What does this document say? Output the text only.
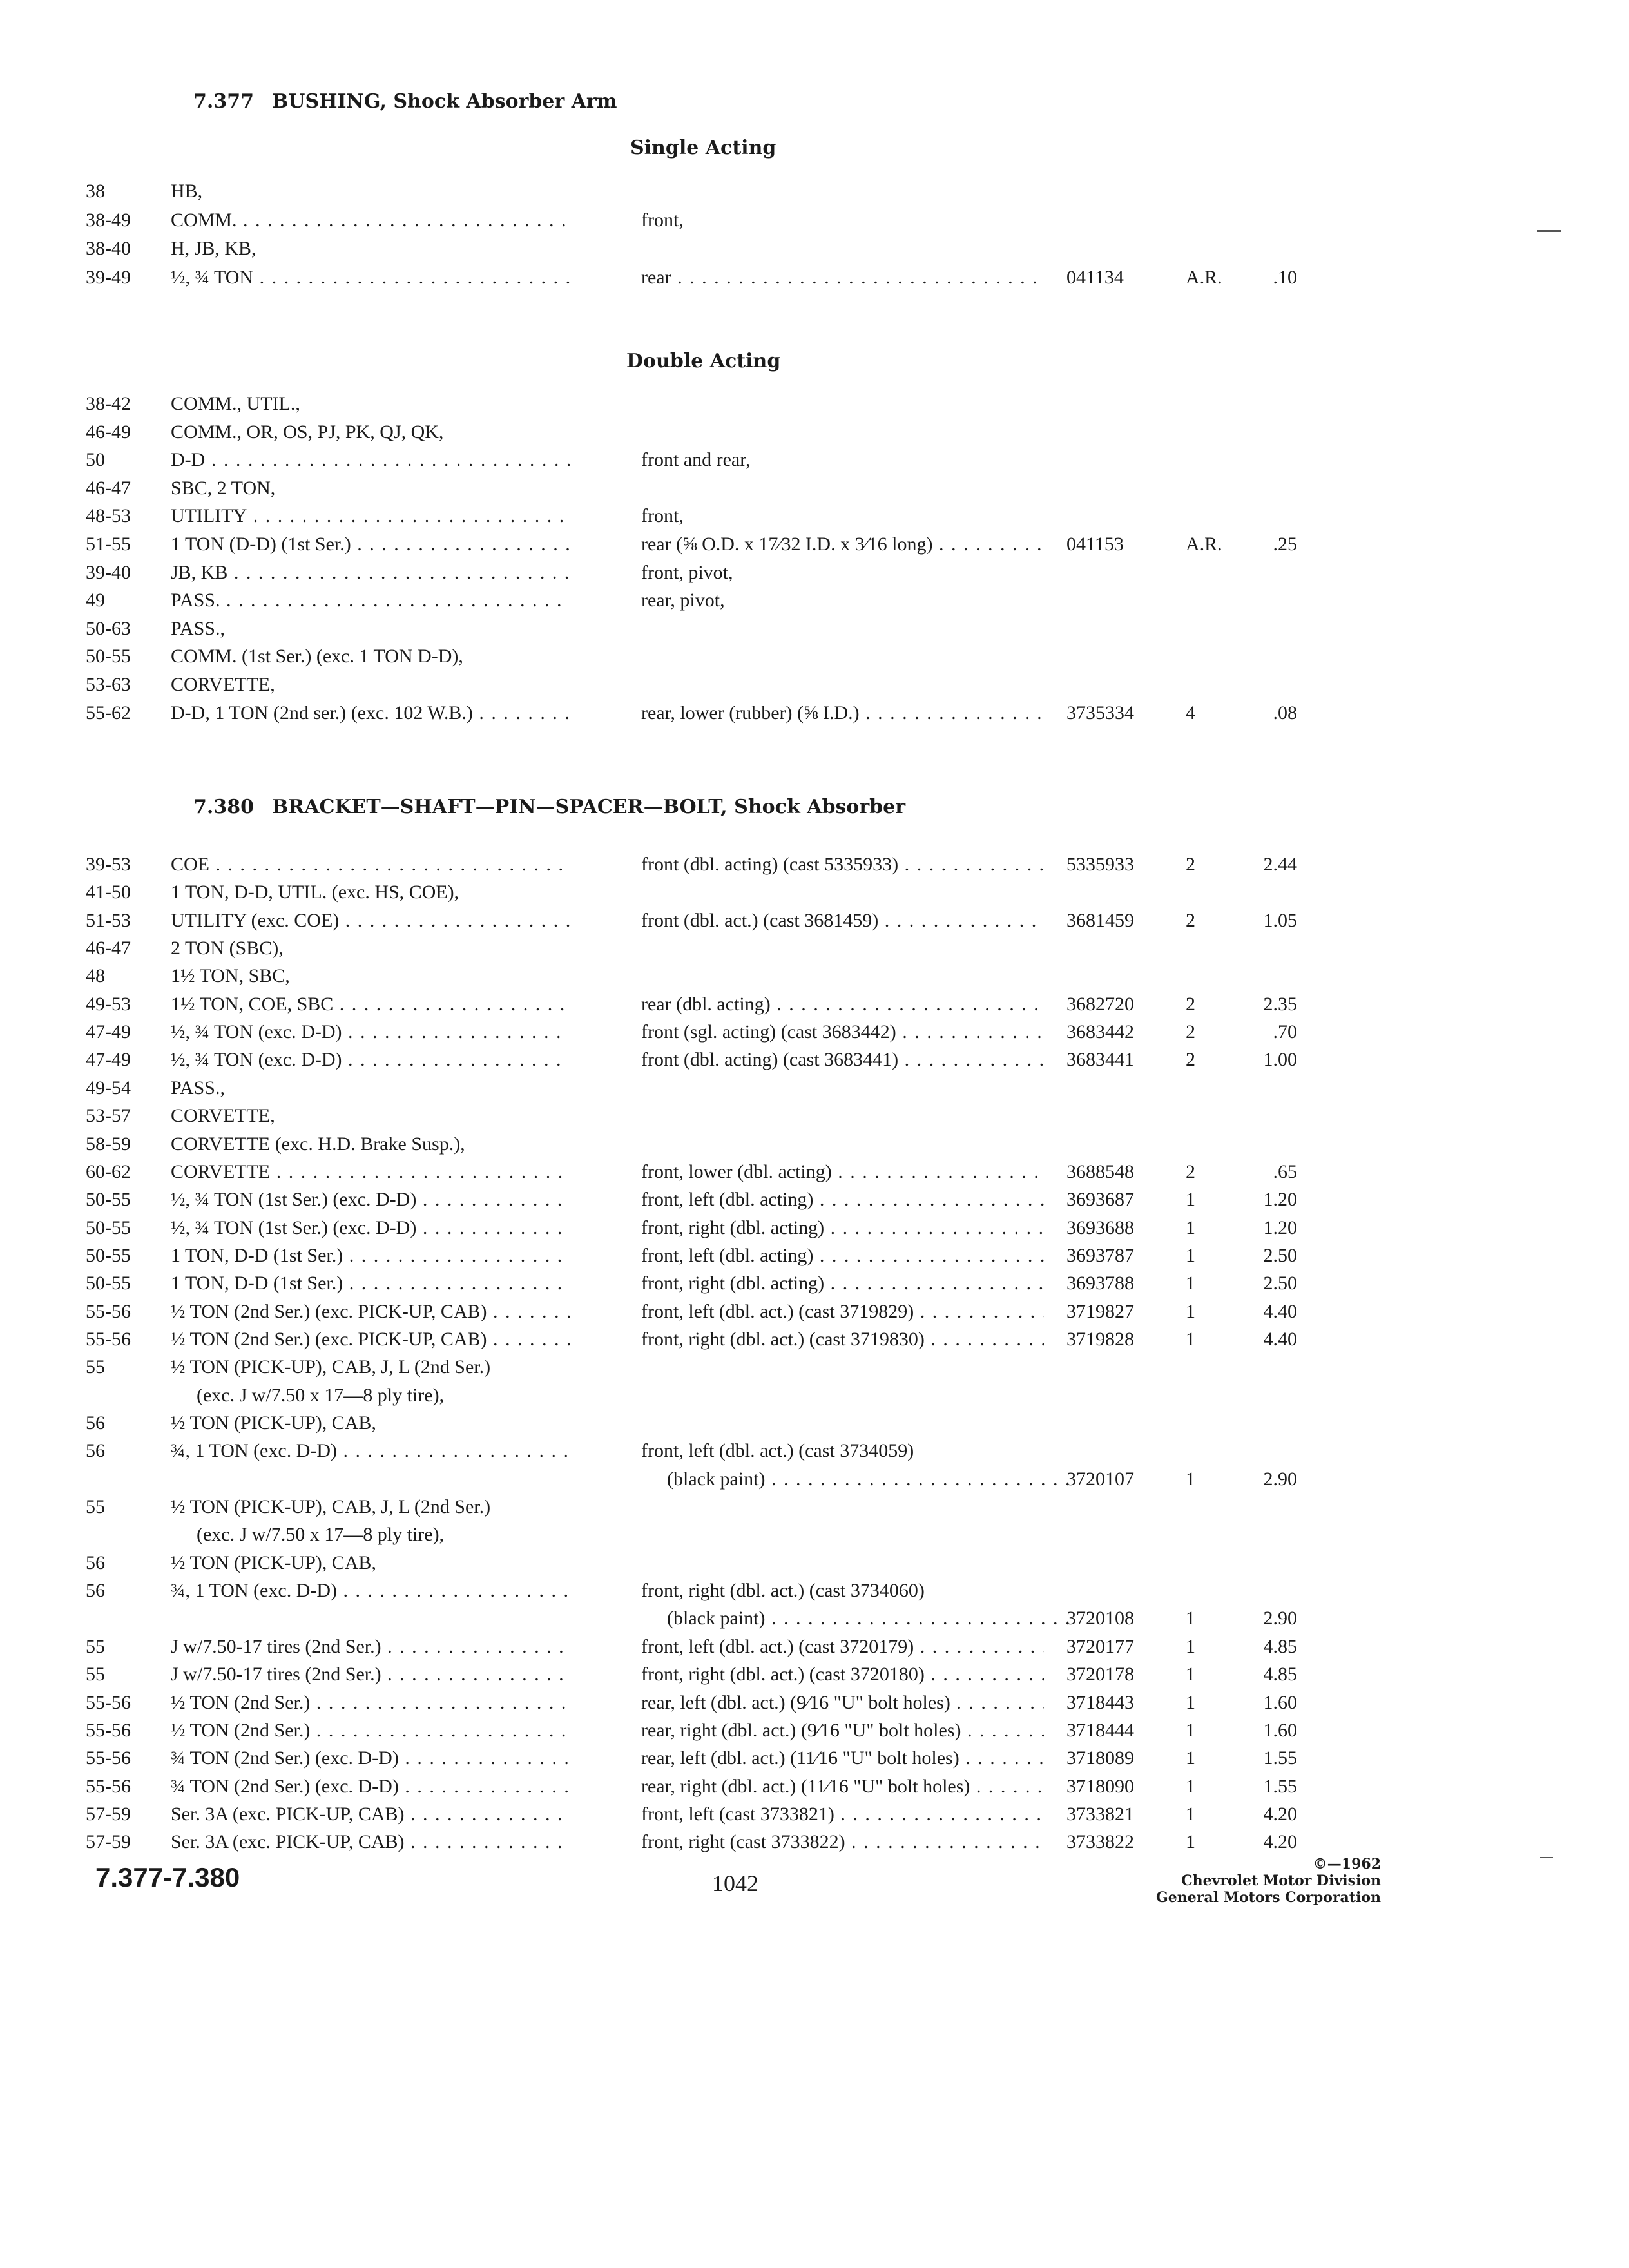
7.377 BUSHING, Shock Absorber Arm
Single Acting
38	HB,
38-49 COMM. . . .	front,
38-40 H, JB, KB,
39-49 ½, ¾ TON . . .	rear . . .	041134	A.R.	.10
Double Acting
38-42 COMM., UTIL.,
46-49 COMM., OR, OS, PJ, PK, QJ, QK,
50	D-D . . .	front and rear,
46-47 SBC, 2 TON,
48-53 UTILITY . . .	front,
51-55 1 TON (D-D) (1st Ser.) . . .	rear (⅝ O.D. x 17⁄32 I.D. x 3⁄16 long) . . .	041153	A.R.	.25
39-40 JB, KB . . .	front, pivot,
49	PASS. . . .	rear, pivot,
50-63 PASS.,
50-55 COMM. (1st Ser.) (exc. 1 TON D-D),
53-63 CORVETTE,
55-62 D-D, 1 TON (2nd ser.) (exc. 102 W.B.) . . .	rear, lower (rubber) (⅝ I.D.) . . .	3735334	4	.08
7.380 BRACKET—SHAFT—PIN—SPACER—BOLT, Shock Absorber
39-53 COE . . .	front (dbl. acting) (cast 5335933) . . .	5335933	2	2.44
41-50 1 TON, D-D, UTIL. (exc. HS, COE),
51-53 UTILITY (exc. COE) . . .	front (dbl. act.) (cast 3681459) . . .	3681459	2	1.05
46-47 2 TON (SBC),
48	1½ TON, SBC,
49-53 1½ TON, COE, SBC . . .	rear (dbl. acting) . . .	3682720	2	2.35
47-49 ½, ¾ TON (exc. D-D) . . .	front (sgl. acting) (cast 3683442) . . .	3683442	2	.70
47-49 ½, ¾ TON (exc. D-D) . . .	front (dbl. acting) (cast 3683441) . . .	3683441	2	1.00
49-54 PASS.,
53-57 CORVETTE,
58-59 CORVETTE (exc. H.D. Brake Susp.),
60-62 CORVETTE . . .	front, lower (dbl. acting) . . .	3688548	2	.65
50-55 ½, ¾ TON (1st Ser.) (exc. D-D) . . .	front, left (dbl. acting) . . .	3693687	1	1.20
50-55 ½, ¾ TON (1st Ser.) (exc. D-D) . . .	front, right (dbl. acting) . . .	3693688	1	1.20
50-55 1 TON, D-D (1st Ser.) . . .	front, left (dbl. acting) . . .	3693787	1	2.50
50-55 1 TON, D-D (1st Ser.) . . .	front, right (dbl. acting) . . .	3693788	1	2.50
55-56 ½ TON (2nd Ser.) (exc. PICK-UP, CAB) . . .	front, left (dbl. act.) (cast 3719829) . . .	3719827	1	4.40
55-56 ½ TON (2nd Ser.) (exc. PICK-UP, CAB) . . .	front, right (dbl. act.) (cast 3719830) . . .	3719828	1	4.40
55	½ TON (PICK-UP), CAB, J, L (2nd Ser.)
(exc. J w/7.50 x 17—8 ply tire),
56	½ TON (PICK-UP), CAB,
56	¾, 1 TON (exc. D-D) . . .	front, left (dbl. act.) (cast 3734059)
(black paint) . . .	3720107	1	2.90
55	½ TON (PICK-UP), CAB, J, L (2nd Ser.)
(exc. J w/7.50 x 17—8 ply tire),
56	½ TON (PICK-UP), CAB,
56	¾, 1 TON (exc. D-D) . . .	front, right (dbl. act.) (cast 3734060)
(black paint) . . .	3720108	1	2.90
55	J w/7.50-17 tires (2nd Ser.) . . .	front, left (dbl. act.) (cast 3720179) . . .	3720177	1	4.85
55	J w/7.50-17 tires (2nd Ser.) . . .	front, right (dbl. act.) (cast 3720180) . . .	3720178	1	4.85
55-56 ½ TON (2nd Ser.) . . .	rear, left (dbl. act.) (9⁄16 "U" bolt holes) . . .	3718443	1	1.60
55-56 ½ TON (2nd Ser.) . . .	rear, right (dbl. act.) (9⁄16 "U" bolt holes) . . .	3718444	1	1.60
55-56 ¾ TON (2nd Ser.) (exc. D-D) . . .	rear, left (dbl. act.) (11⁄16 "U" bolt holes) . . .	3718089	1	1.55
55-56 ¾ TON (2nd Ser.) (exc. D-D) . . .	rear, right (dbl. act.) (11⁄16 "U" bolt holes) . . .	3718090	1	1.55
57-59 Ser. 3A (exc. PICK-UP, CAB) . . .	front, left (cast 3733821) . . .	3733821	1	4.20
57-59 Ser. 3A (exc. PICK-UP, CAB) . . .	front, right (cast 3733822) . . .	3733822	1	4.20
7.377-7.380	1042
©—1962
Chevrolet Motor Division
General Motors Corporation
